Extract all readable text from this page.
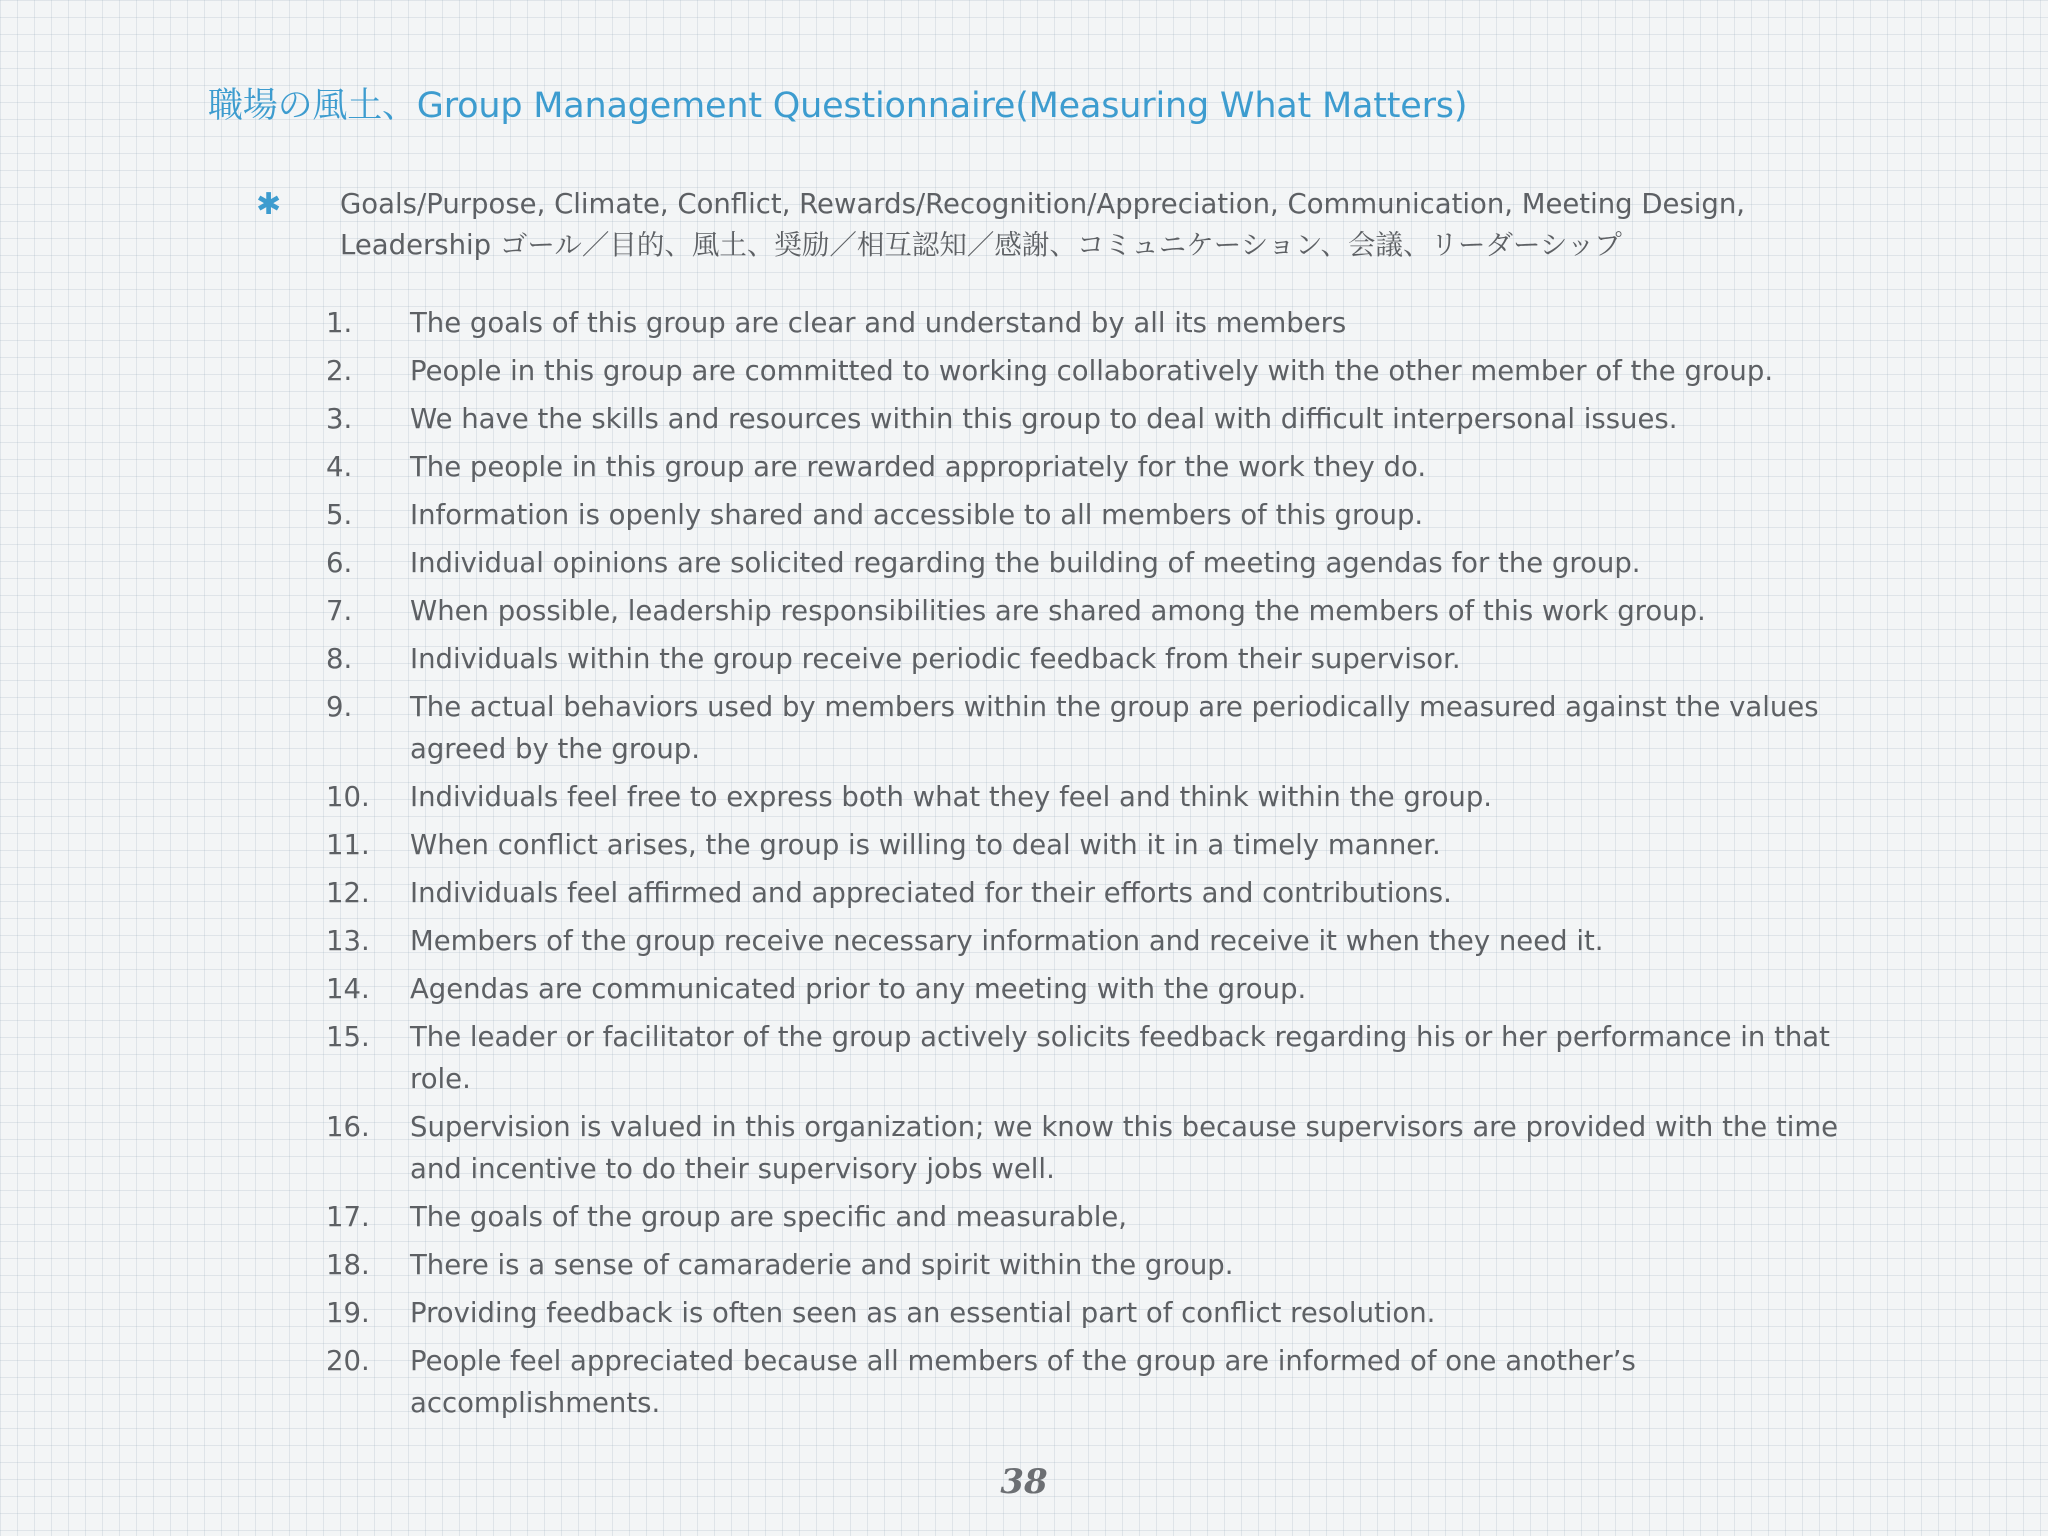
職場の風土、Group Management Questionnaire(Measuring What Matters)
✱ Goals/Purpose, Climate, Conflict, Rewards/Recognition/Appreciation, Communication, Meeting Design,

Leadership ゴール／目的、風土、奨励／相互認知／感謝、コミュニケーション、会議、リーダーシップ

1.	The goals of this group are clear and understand by all its members
2.	People in this group are committed to working collaboratively with the other member of the group.
3.	We have the skills and resources within this group to deal with difficult interpersonal issues.
4.	The people in this group are rewarded appropriately for the work they do.
5.	Information is openly shared and accessible to all members of this group.
6.	Individual opinions are solicited regarding the building of meeting agendas for the group.
7.	When possible, leadership responsibilities are shared among the members of this work group.
8.	Individuals within the group receive periodic feedback from their supervisor.
9.	The actual behaviors used by members within the group are periodically measured against the values agreed by the group.
10.	Individuals feel free to express both what they feel and think within the group.
11.	When conflict arises, the group is willing to deal with it in a timely manner.
12.	Individuals feel affirmed and appreciated for their efforts and contributions.
13.	Members of the group receive necessary information and receive it when they need it.
14.	Agendas are communicated prior to any meeting with the group.
15.	The leader or facilitator of the group actively solicits feedback regarding his or her performance in that role.
16.	Supervision is valued in this organization; we know this because supervisors are provided with the time and incentive to do their supervisory jobs well.
17.	The goals of the group are specific and measurable,
18.	There is a sense of camaraderie and spirit within the group.
19.	Providing feedback is often seen as an essential part of conflict resolution.
20.	People feel appreciated because all members of the group are informed of one another’s accomplishments.
38
